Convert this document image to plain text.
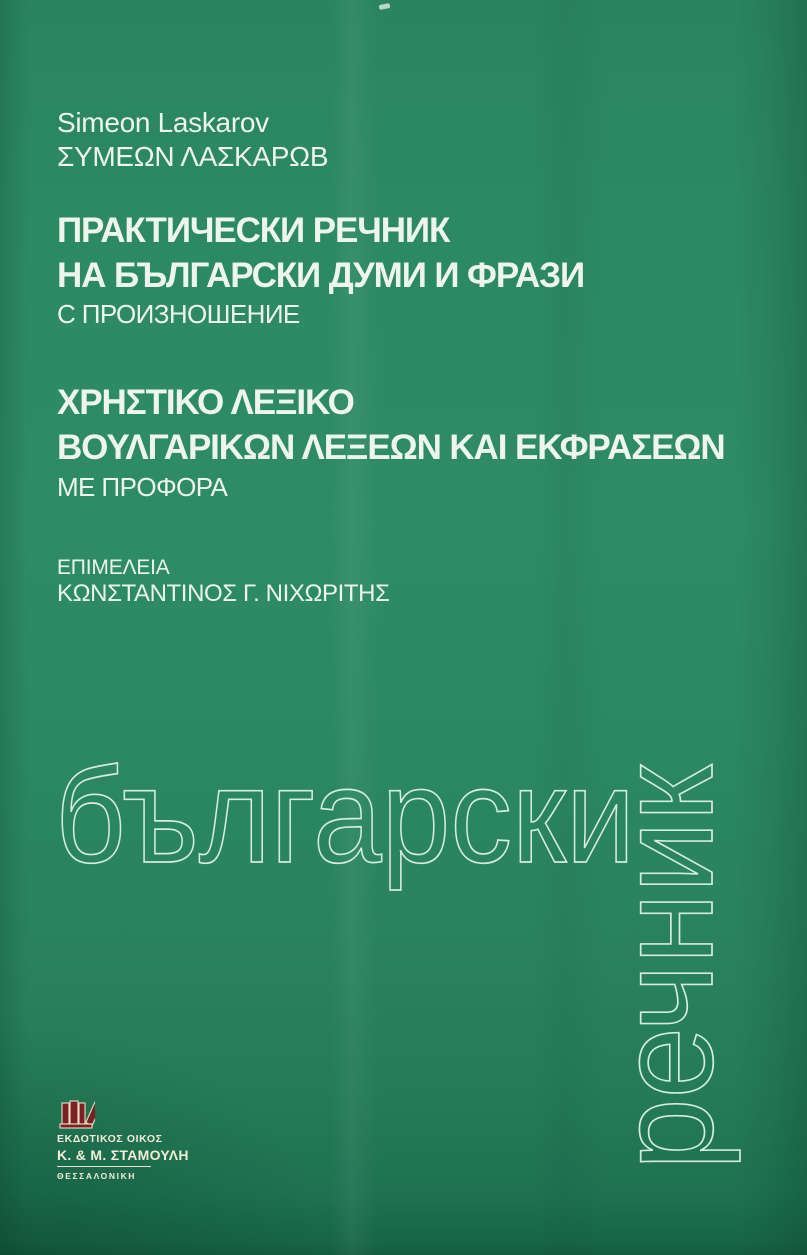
Simeon Laskarov
ΣΥΜΕΩΝ ΛΑΣΚΑΡΩΒ
ПРАКТИЧЕСКИ РЕЧНИК
НА БЪЛГАРСКИ ДУМИ И ФРАЗИ
С ПРОИЗНОШЕНИЕ
ΧΡΗΣΤΙΚΟ ΛΕΞΙΚΟ
ΒΟΥΛΓΑΡΙΚΩΝ ΛΕΞΕΩΝ ΚΑΙ ΕΚΦΡΑΣΕΩΝ
ΜΕ ΠΡΟΦΟΡΑ
ΕΠΙΜΕΛΕΙΑ
ΚΩΝΣΤΑΝΤΙΝΟΣ Γ. ΝΙΧΩΡΙΤΗΣ
български
речник
ΕΚΔΟΤΙΚΟΣ ΟΙΚΟΣ
Κ. & Μ. ΣΤΑΜΟΥΛΗ
ΘΕΣΣΑΛΟΝΙΚΗ
